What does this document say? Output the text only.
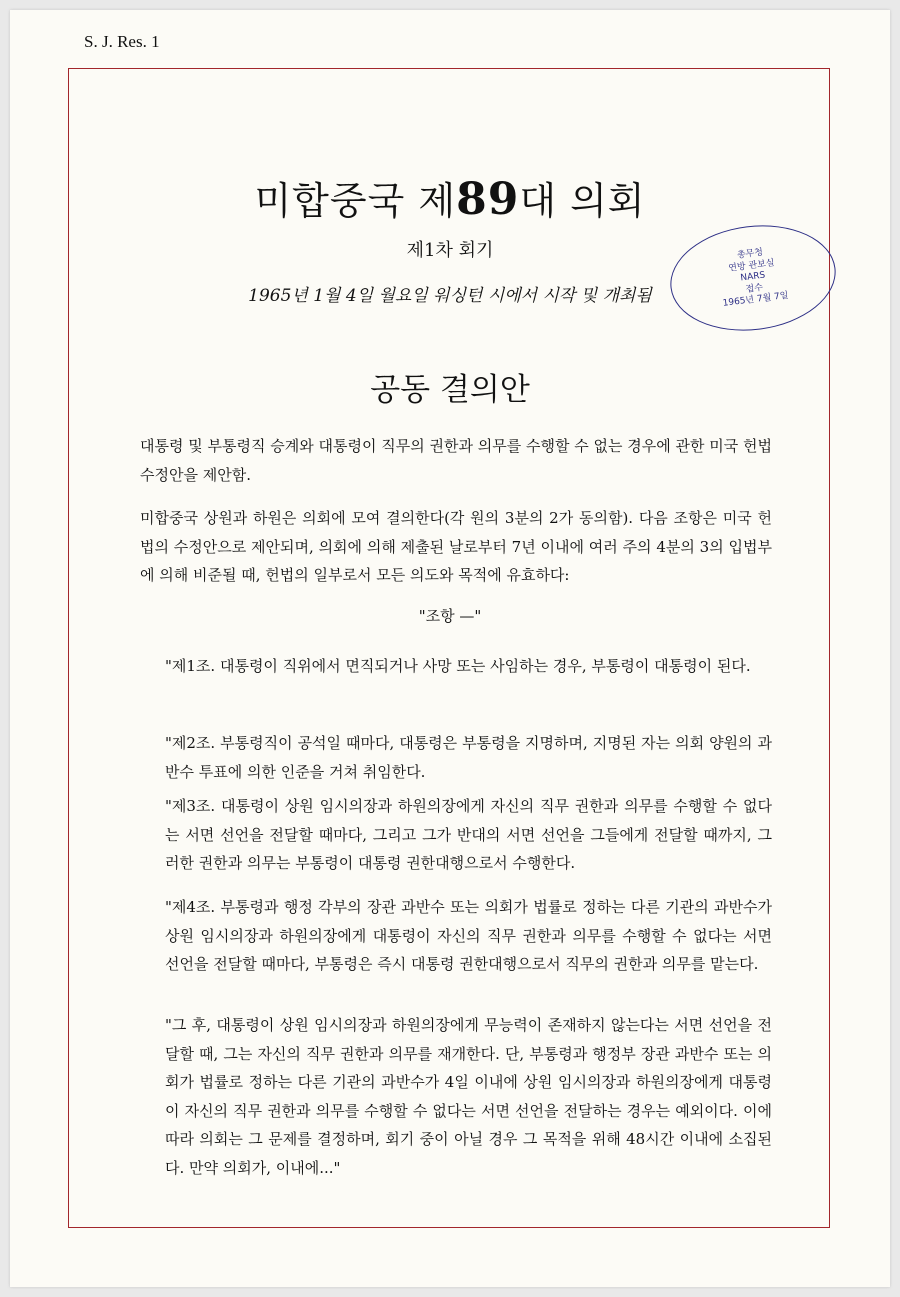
S. J. Res. 1
미합중국 제89대 의회
제1차 회기
1965년 1월 4일 월요일 워싱턴 시에서 시작 및 개최됨
총무청
연방 관보실
NARS
접수
1965년 7월 7일
공동 결의안
대통령 및 부통령직 승계와 대통령이 직무의 권한과 의무를 수행할 수 없는 경우에 관한 미국 헌법 수정안을 제안함.
미합중국 상원과 하원은 의회에 모여 결의한다(각 원의 3분의 2가 동의함). 다음 조항은 미국 헌법의 수정안으로 제안되며, 의회에 의해 제출된 날로부터 7년 이내에 여러 주의 4분의 3의 입법부에 의해 비준될 때, 헌법의 일부로서 모든 의도와 목적에 유효하다:
"조항 —"
"제1조. 대통령이 직위에서 면직되거나 사망 또는 사임하는 경우, 부통령이 대통령이 된다.
"제2조. 부통령직이 공석일 때마다, 대통령은 부통령을 지명하며, 지명된 자는 의회 양원의 과반수 투표에 의한 인준을 거쳐 취임한다.
"제3조. 대통령이 상원 임시의장과 하원의장에게 자신의 직무 권한과 의무를 수행할 수 없다는 서면 선언을 전달할 때마다, 그리고 그가 반대의 서면 선언을 그들에게 전달할 때까지, 그러한 권한과 의무는 부통령이 대통령 권한대행으로서 수행한다.
"제4조. 부통령과 행정 각부의 장관 과반수 또는 의회가 법률로 정하는 다른 기관의 과반수가 상원 임시의장과 하원의장에게 대통령이 자신의 직무 권한과 의무를 수행할 수 없다는 서면 선언을 전달할 때마다, 부통령은 즉시 대통령 권한대행으로서 직무의 권한과 의무를 맡는다.
"그 후, 대통령이 상원 임시의장과 하원의장에게 무능력이 존재하지 않는다는 서면 선언을 전달할 때, 그는 자신의 직무 권한과 의무를 재개한다. 단, 부통령과 행정부 장관 과반수 또는 의회가 법률로 정하는 다른 기관의 과반수가 4일 이내에 상원 임시의장과 하원의장에게 대통령이 자신의 직무 권한과 의무를 수행할 수 없다는 서면 선언을 전달하는 경우는 예외이다. 이에 따라 의회는 그 문제를 결정하며, 회기 중이 아닐 경우 그 목적을 위해 48시간 이내에 소집된다. 만약 의회가, 이내에..."
